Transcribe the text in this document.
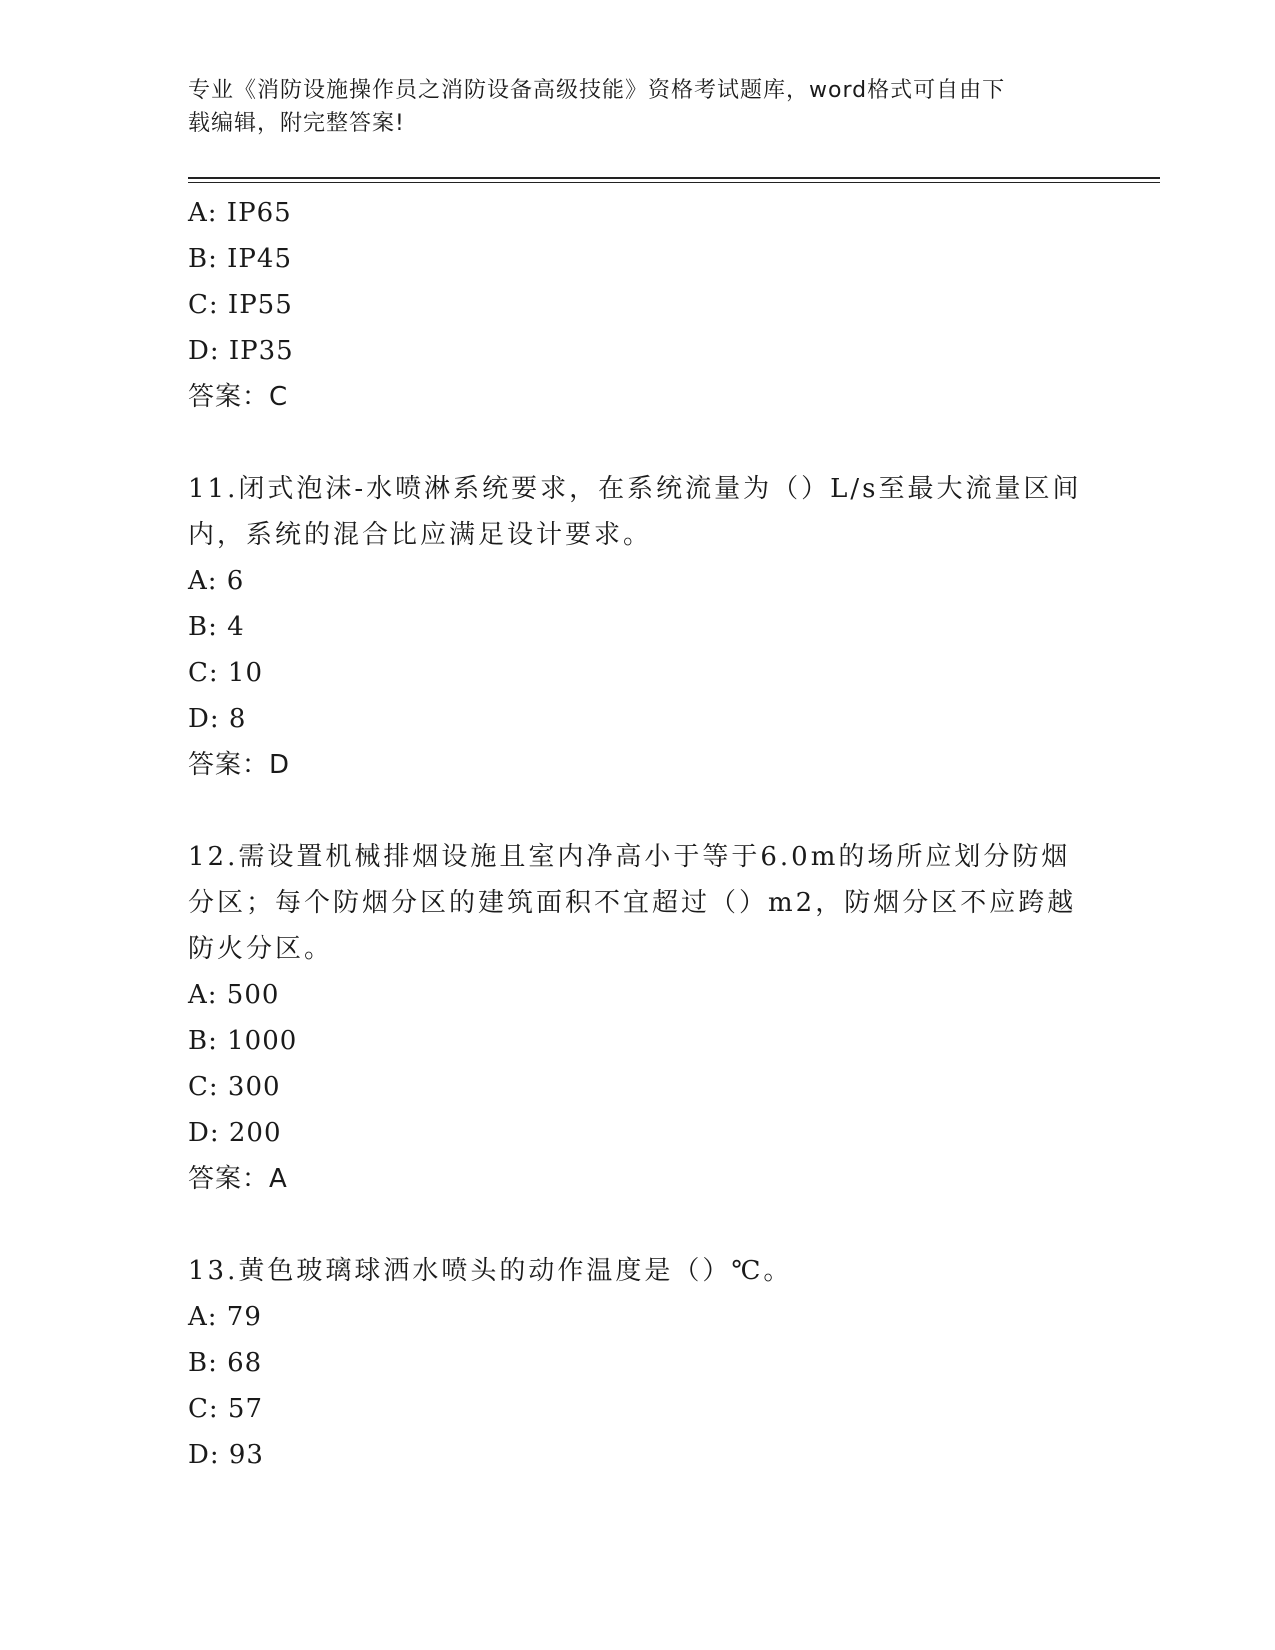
专业《消防设施操作员之消防设备高级技能》资格考试题库，word格式可自由下
载编辑，附完整答案!
A: IP65
B: IP45
C: IP55
D: IP35
答案：C
11.闭式泡沫-水喷淋系统要求，在系统流量为（）L/s至最大流量区间
内，系统的混合比应满足设计要求。
A: 6
B: 4
C: 10
D: 8
答案：D
12.需设置机械排烟设施且室内净高小于等于6.0m的场所应划分防烟
分区；每个防烟分区的建筑面积不宜超过（）m2，防烟分区不应跨越
防火分区。
A: 500
B: 1000
C: 300
D: 200
答案：A
13.黄色玻璃球洒水喷头的动作温度是（）℃。
A: 79
B: 68
C: 57
D: 93
